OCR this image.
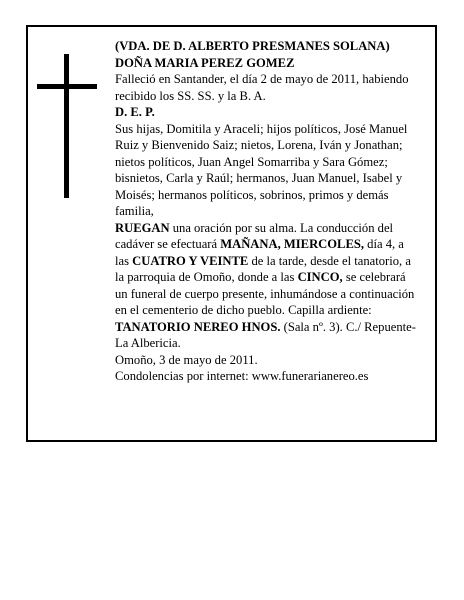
(VDA. DE D. ALBERTO PRESMANES SOLANA)

DOÑA MARIA PEREZ GOMEZ

Falleció en Santander, el día 2 de mayo de 2011, habiendo recibido los SS. SS. y la B. A.

D. E. P.

Sus hijas, Domitila y Araceli; hijos políticos, José Manuel Ruiz y Bienvenido Saiz; nietos, Lorena, Iván y Jonathan; nietos políticos, Juan Angel Somarriba y Sara Gómez; bisnietos, Carla y Raúl; hermanos, Juan Manuel, Isabel y Moisés; hermanos políticos, sobrinos, primos y demás familia,

RUEGAN una oración por su alma. La conducción del cadáver se efectuará MAÑANA, MIERCOLES, día 4, a las CUATRO Y VEINTE de la tarde, desde el tanatorio, a la parroquia de Omoño, donde a las CINCO, se celebrará un funeral de cuerpo presente, inhumándose a continuación en el cementerio de dicho pueblo. Capilla ardiente: TANATORIO NEREO HNOS. (Sala nº. 3). C./ Repuente-La Albericia.

Omoño, 3 de mayo de 2011.

Condolencias por internet: www.funerarianereo.es
